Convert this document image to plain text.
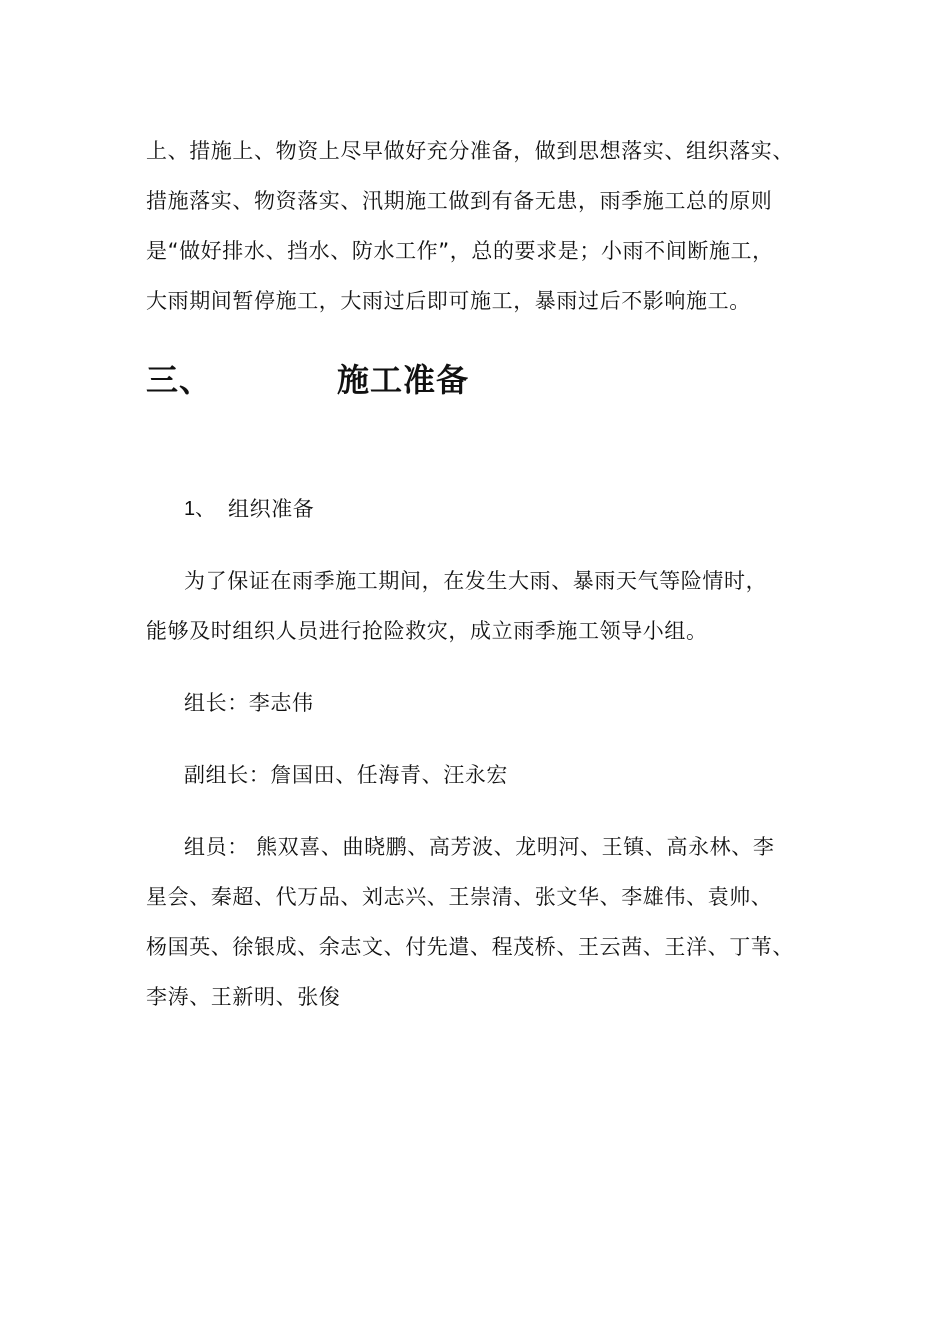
上、措施上、物资上尽早做好充分准备，做到思想落实、组织落实、
措施落实、物资落实、汛期施工做到有备无患，雨季施工总的原则
是“做好排水、挡水、防水工作”，总的要求是；小雨不间断施工，
大雨期间暂停施工，大雨过后即可施工，暴雨过后不影响施工。
三、	施工准备
1、 组织准备
为了保证在雨季施工期间，在发生大雨、暴雨天气等险情时，
能够及时组织人员进行抢险救灾，成立雨季施工领导小组。
组长：李志伟
副组长：詹国田、任海青、汪永宏
组员： 熊双喜、曲晓鹏、高芳波、龙明河、王镇、高永林、李
星会、秦超、代万品、刘志兴、王崇清、张文华、李雄伟、袁帅、
杨国英、徐银成、余志文、付先遣、程茂桥、王云茜、王洋、丁苇、
李涛、王新明、张俊
